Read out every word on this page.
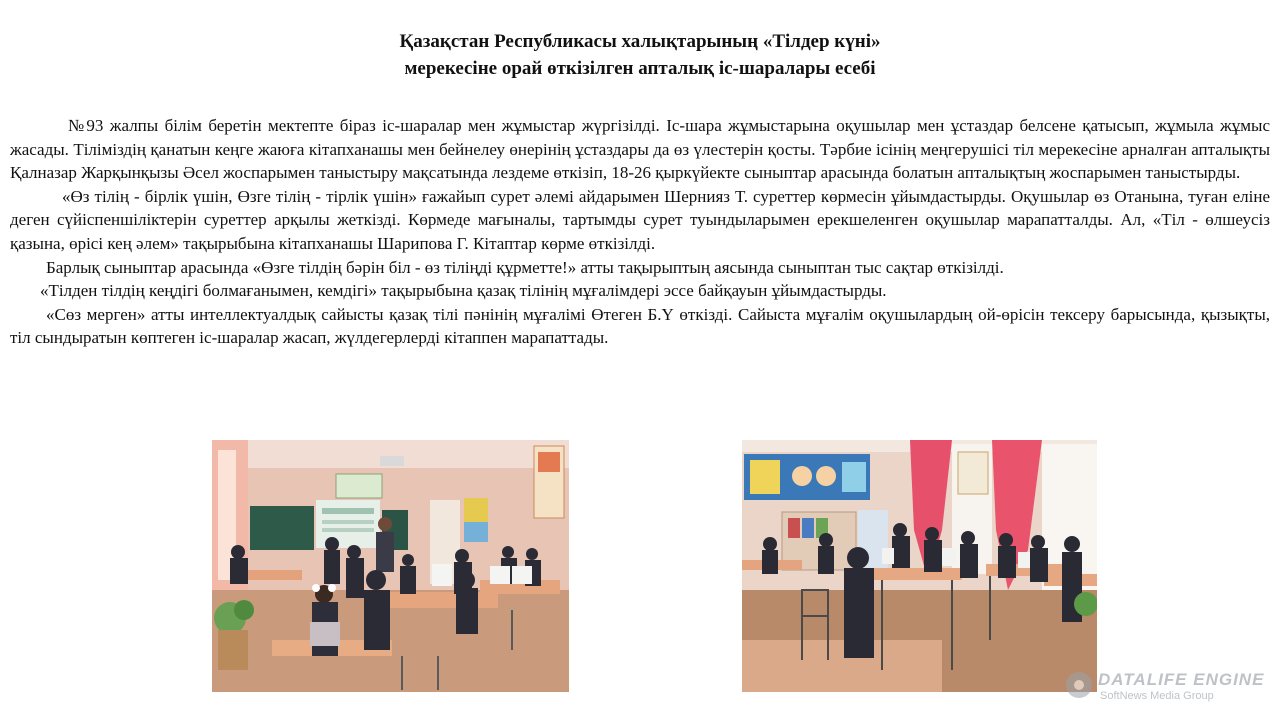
Қазақстан Республикасы халықтарының «Тілдер күні»
мерекесіне орай өткізілген апталық іс-шаралары есебі

№93 жалпы білім беретін мектепте біраз іс-шаралар мен жұмыстар жүргізілді. Іс-шара жұмыстарына оқушылар мен ұстаздар белсене қатысып, жұмыла жұмыс жасады. Тіліміздің қанатын кеңге жаюға кітапханашы мен бейнелеу өнерінің ұстаздары да өз үлестерін қосты. Тәрбие ісінің меңгерушісі тіл мерекесіне арналған апталықты Қалназар Жарқынқызы Әсел жоспарымен таныстыру мақсатында лездеме өткізіп, 18-26 қыркүйекте сыныптар арасында болатын апталықтың жоспарымен таныстырды.

«Өз тілің - бірлік үшін, Өзге тілің - тірлік үшін» ғажайып сурет әлемі айдарымен Шернияз Т. суреттер көрмесін ұйымдастырды. Оқушылар өз Отанына, туған еліне деген сүйіспеншіліктерін суреттер арқылы жеткізді. Көрмеде мағыналы, тартымды сурет туындыларымен ерекшеленген оқушылар марапатталды. Ал, «Тіл - өлшеусіз қазына, өрісі кең әлем» тақырыбына кітапханашы Шарипова Г. Кітаптар көрме өткізілді.

Барлық сыныптар арасында «Өзге тілдің бәрін біл - өз тіліңді құрметте!» атты тақырыптың аясында сыныптан тыс сақтар өткізілді.

«Тілден тілдің кеңдігі болмағанымен, кемдігі» тақырыбына қазақ тілінің мұғалімдері эссе байқауын ұйымдастырды.

«Сөз мерген» атты интеллектуалдық сайысты қазақ тілі пәнінің мұғалімі Өтеген Б.Ү өткізді. Сайыста мұғалім оқушылардың ой-өрісін тексеру барысында, қызықты, тіл сындыратын көптеген іс-шаралар жасап, жүлдегерлерді кітаппен марапаттады.

DATALIFE ENGINE
SoftNews Media Group
